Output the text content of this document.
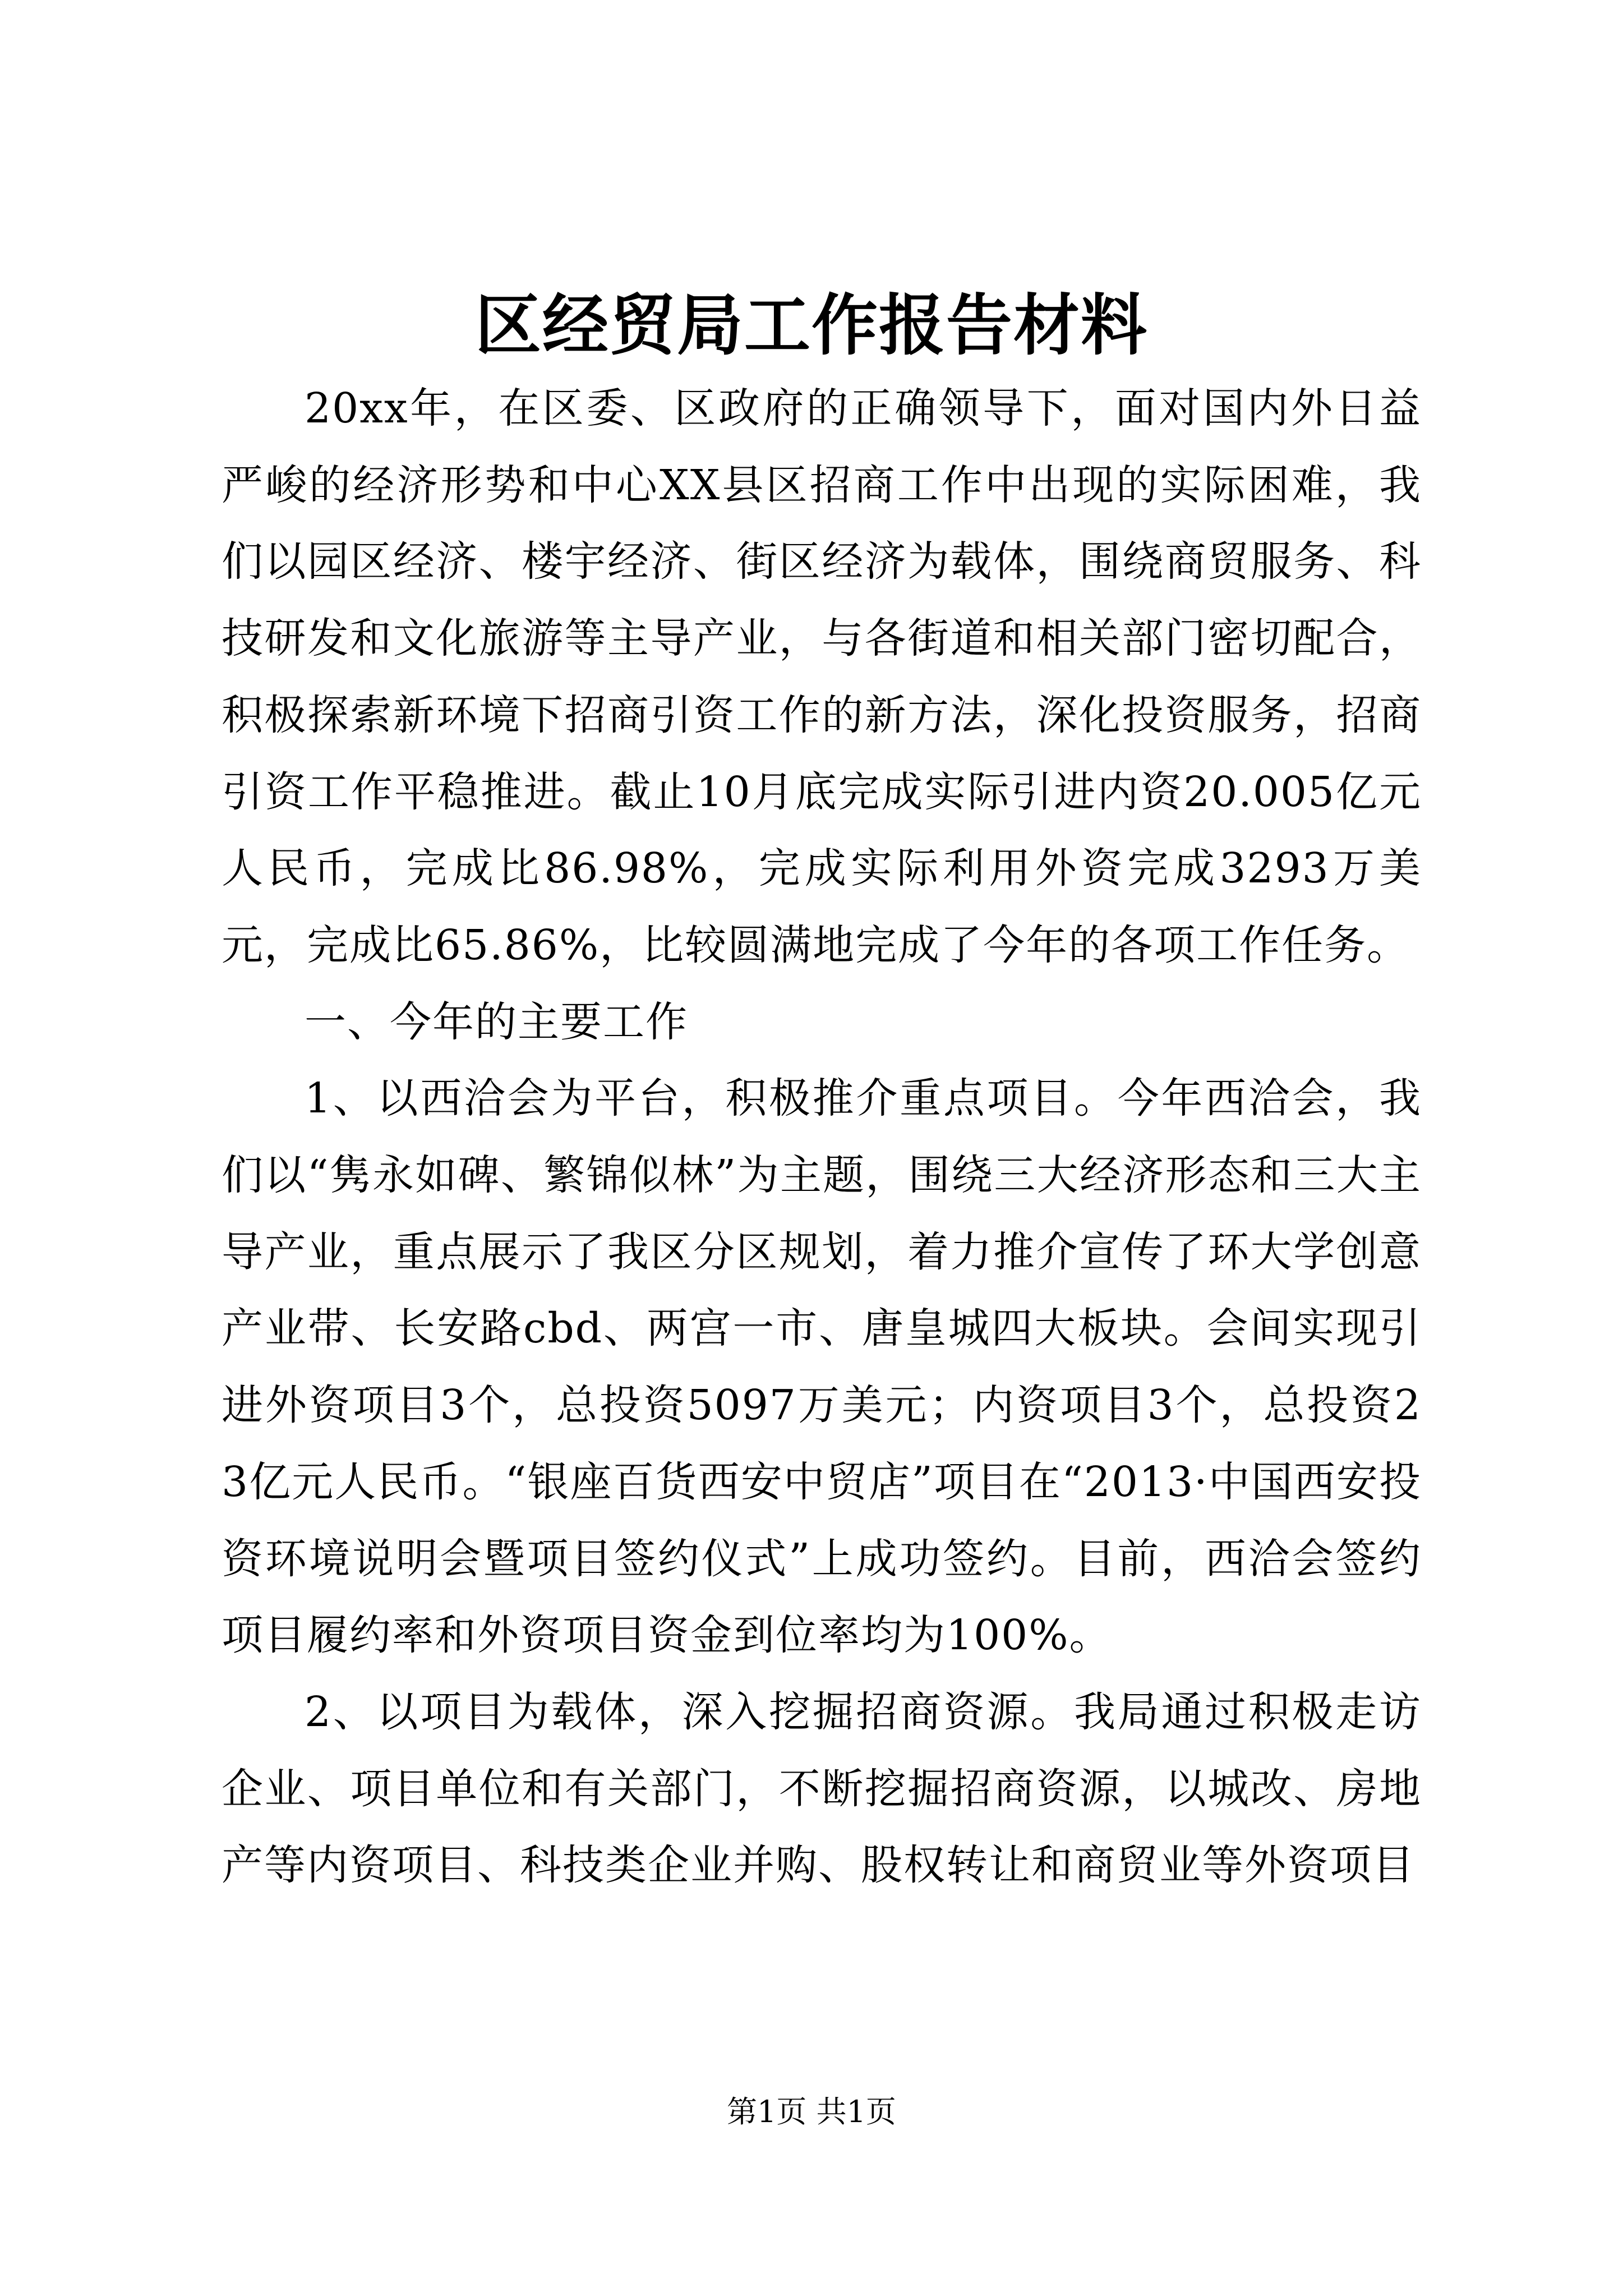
区经贸局工作报告材料

20xx年，在区委、区政府的正确领导下，面对国内外日益严峻的经济形势和中心XX县区招商工作中出现的实际困难，我们以园区经济、楼宇经济、街区经济为载体，围绕商贸服务、科技研发和文化旅游等主导产业，与各街道和相关部门密切配合，积极探索新环境下招商引资工作的新方法，深化投资服务，招商引资工作平稳推进。截止10月底完成实际引进内资20.005亿元人民币，完成比86.98%，完成实际利用外资完成3293万美元，完成比65.86%，比较圆满地完成了今年的各项工作任务。

一、今年的主要工作

1、以西洽会为平台，积极推介重点项目。今年西洽会，我们以“隽永如碑、繁锦似林”为主题，围绕三大经济形态和三大主导产业，重点展示了我区分区规划，着力推介宣传了环大学创意产业带、长安路cbd、两宫一市、唐皇城四大板块。会间实现引进外资项目3个，总投资5097万美元；内资项目3个，总投资23亿元人民币。“银座百货西安中贸店”项目在“2013·中国西安投资环境说明会暨项目签约仪式”上成功签约。目前，西洽会签约项目履约率和外资项目资金到位率均为100%。

2、以项目为载体，深入挖掘招商资源。我局通过积极走访企业、项目单位和有关部门，不断挖掘招商资源，以城改、房地产等内资项目、科技类企业并购、股权转让和商贸业等外资项目

第1页 共1页
